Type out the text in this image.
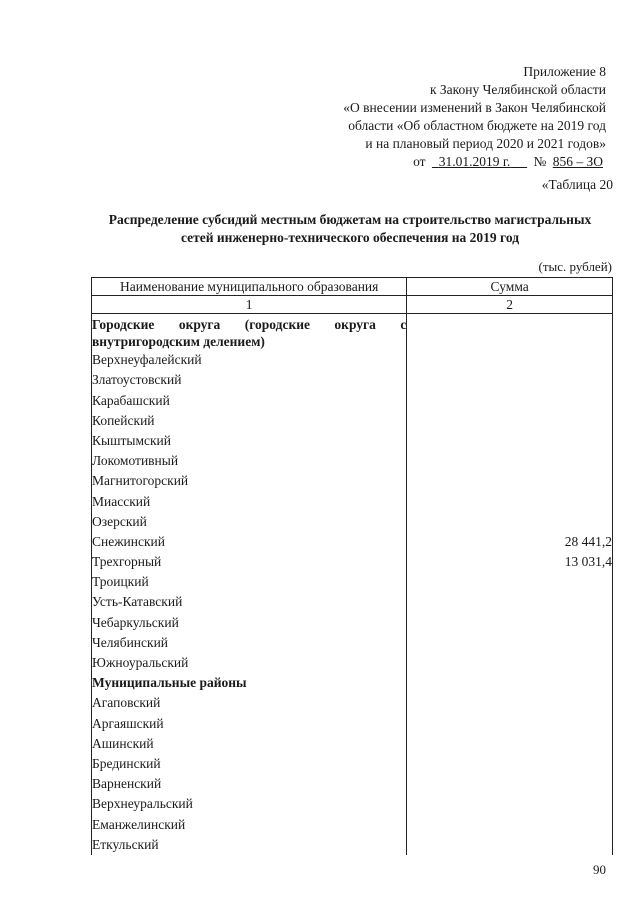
Приложение 8
к Закону Челябинской области
«О внесении изменений в Закон Челябинской
области «Об областном бюджете на 2019 год
и на плановый период 2020 и 2021 годов»
от 31.01.2019 г. № 856 – ЗО
«Таблица 20
Распределение субсидий местным бюджетам на строительство магистральных
сетей инженерно-технического обеспечения на 2019 год
(тыс. рублей)
Наименование муниципального образования	Сумма
1	2
Городские округа (городские округа с внутригородским делением)	
Верхнеуфалейский	
Златоустовский	
Карабашский	
Копейский	
Кыштымский	
Локомотивный	
Магнитогорский	
Миасский	
Озерский	
Снежинский	28 441,2
Трехгорный	13 031,4
Троицкий	
Усть-Катавский	
Чебаркульский	
Челябинский	
Южноуральский	
Муниципальные районы	
Агаповский	
Аргаяшский	
Ашинский	
Брединский	
Варненский	
Верхнеуральский	
Еманжелинский	
Еткульский	
90
